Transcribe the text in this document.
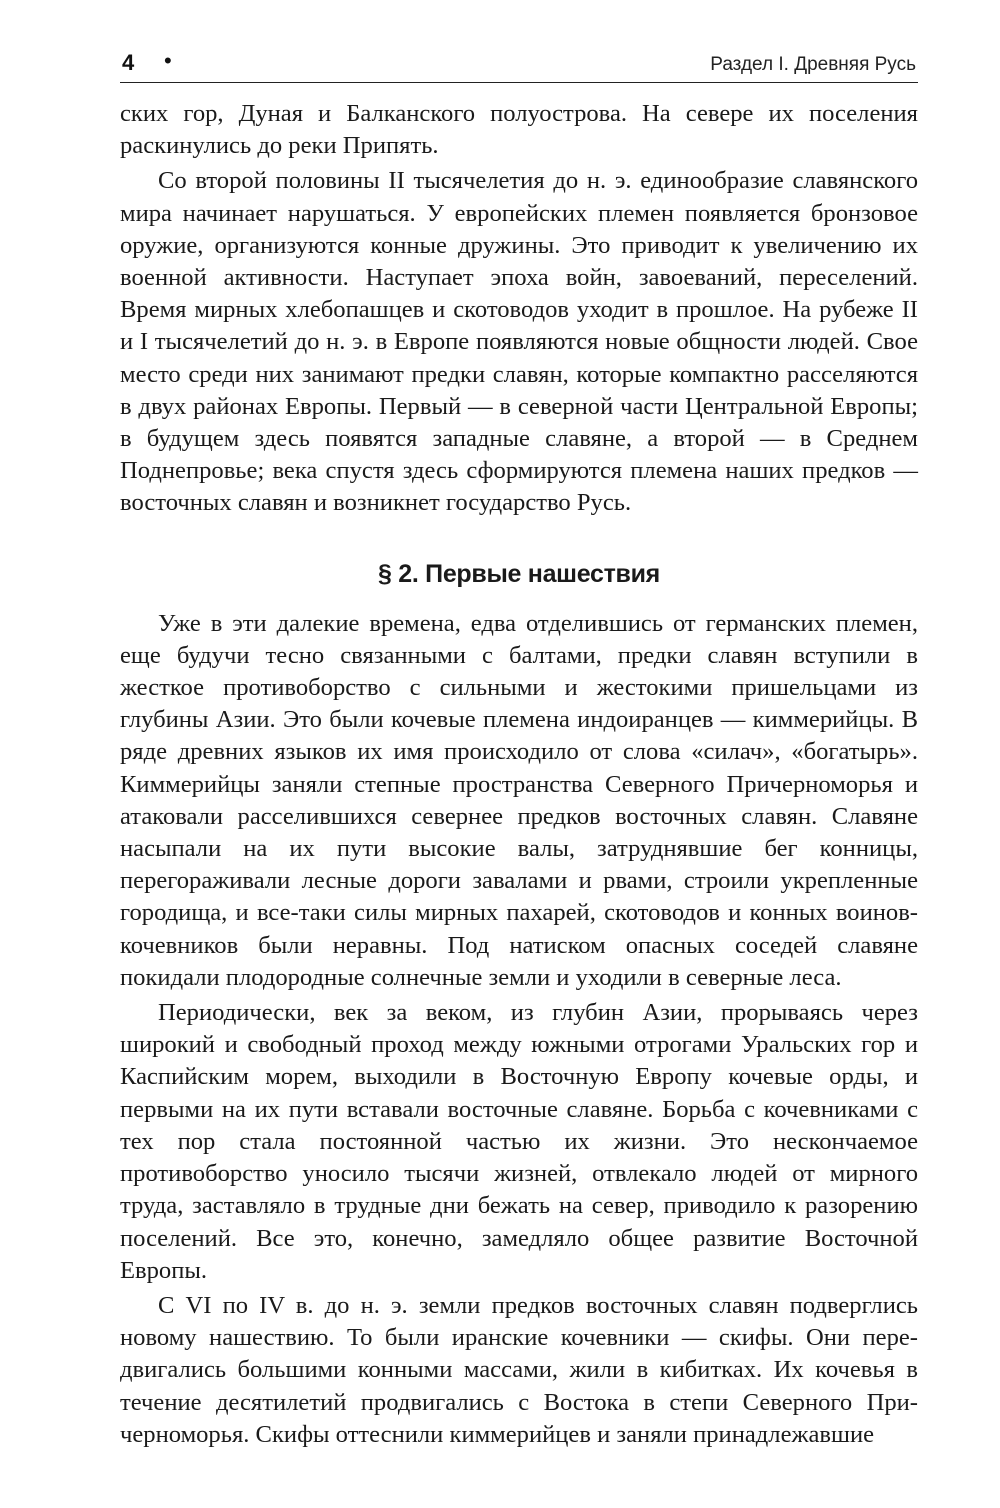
4 •	Раздел I. Древняя Русь

ских гор, Дуная и Балканского полуострова. На севере их поселения раскинулись до реки Припять.

Со второй половины II тысячелетия до н. э. единообразие славянского мира начинает нарушаться. У европейских племен появляется бронзовое оружие, организуются конные дружины. Это приводит к увеличению их военной активности. Наступает эпоха войн, завоеваний, переселений. Время мирных хлебопашцев и скотоводов уходит в прошлое. На рубеже II и I тысячелетий до н. э. в Европе появляются новые общности людей. Свое место среди них занимают предки славян, которые компактно расселяются в двух районах Европы. Первый — в северной части Центральной Европы; в будущем здесь появятся западные славяне, а второй — в Среднем Поднепровье; века спустя здесь сформируются племена наших предков — восточных славян и возникнет государство Русь.

§ 2. Первые нашествия

Уже в эти далекие времена, едва отделившись от германских племен, еще будучи тесно связанными с балтами, предки славян вступили в жесткое противоборство с сильными и жестокими пришельцами из глубины Азии. Это были кочевые племена индоиранцев — киммерийцы. В ряде древних языков их имя происходило от слова «силач», «богатырь». Киммерийцы заняли степные пространства Северного Причерноморья и атаковали расселившихся севернее предков восточных славян. Славяне насыпали на их пути высокие валы, затруднявшие бег конницы, перегораживали лесные дороги завалами и рвами, строили укрепленные городища, и все-таки силы мирных пахарей, скотоводов и конных воинов-кочевников были неравны. Под натиском опасных соседей славяне покидали плодородные солнечные земли и уходили в северные леса.

Периодически, век за веком, из глубин Азии, прорываясь через широкий и свободный проход между южными отрогами Уральских гор и Каспийским морем, выходили в Восточную Европу кочевые орды, и первыми на их пути вставали восточные славяне. Борьба с кочевниками с тех пор стала постоянной частью их жизни. Это нескончаемое противоборство уносило тысячи жизней, отвлекало людей от мирного труда, заставляло в трудные дни бежать на север, приводило к разорению поселений. Все это, конечно, замедляло общее развитие Восточной Европы.

С VI по IV в. до н. э. земли предков восточных славян подверглись новому нашествию. То были иранские кочевники — скифы. Они передвигались большими конными массами, жили в кибитках. Их кочевья в течение десятилетий продвигались с Востока в степи Северного Причерноморья. Скифы оттеснили киммерийцев и заняли принадлежавшие
